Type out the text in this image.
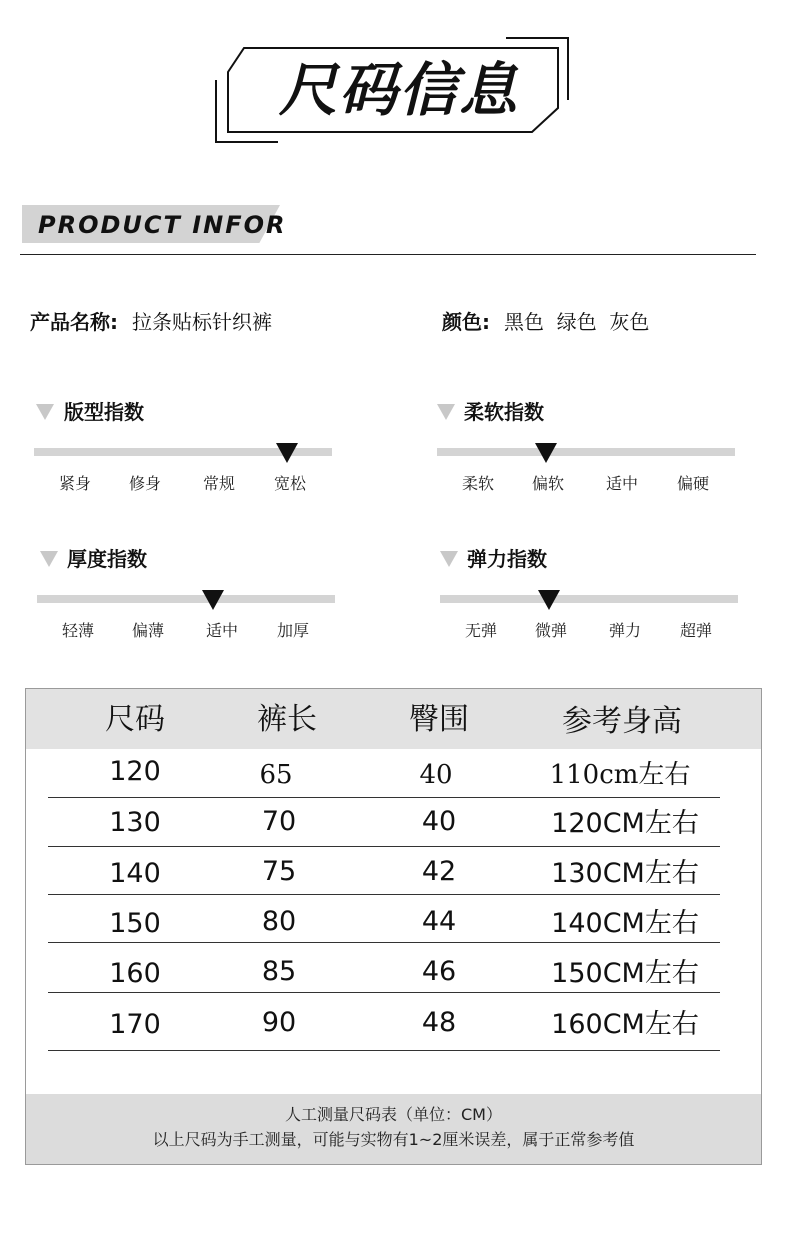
尺码信息
PRODUCT INFOR
产品名称: 拉条贴标针织裤	颜色: 黑色  绿色  灰色
版型指数
紧身	修身	常规	宽松
柔软指数
柔软	偏软	适中	偏硬
厚度指数
轻薄	偏薄	适中	加厚
弹力指数
无弹	微弹	弹力	超弹
尺码	裤长	臀围	参考身高
120	65	40	110cm左右
130	70	40	120CM左右
140	75	42	130CM左右
150	80	44	140CM左右
160	85	46	150CM左右
170	90	48	160CM左右
人工测量尺码表（单位：CM）
以上尺码为手工测量，可能与实物有1~2厘米误差，属于正常参考值
